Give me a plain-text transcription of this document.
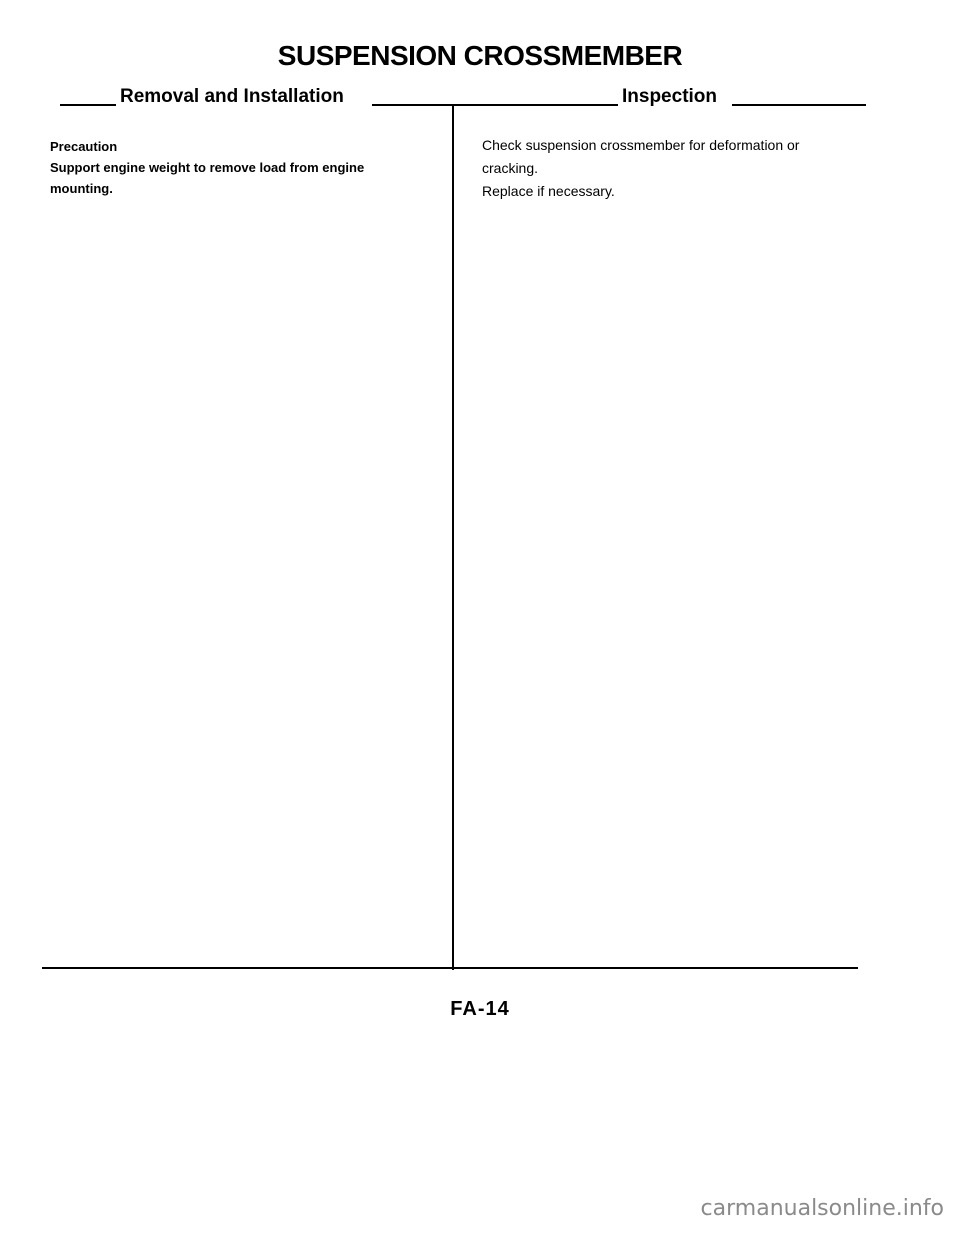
SUSPENSION CROSSMEMBER
Removal and Installation	Inspection

Precaution

Support engine weight to remove load from engine

mounting.

Check suspension crossmember for deformation or

cracking.

Replace if necessary.

FA-14
carmanualsonline.info
